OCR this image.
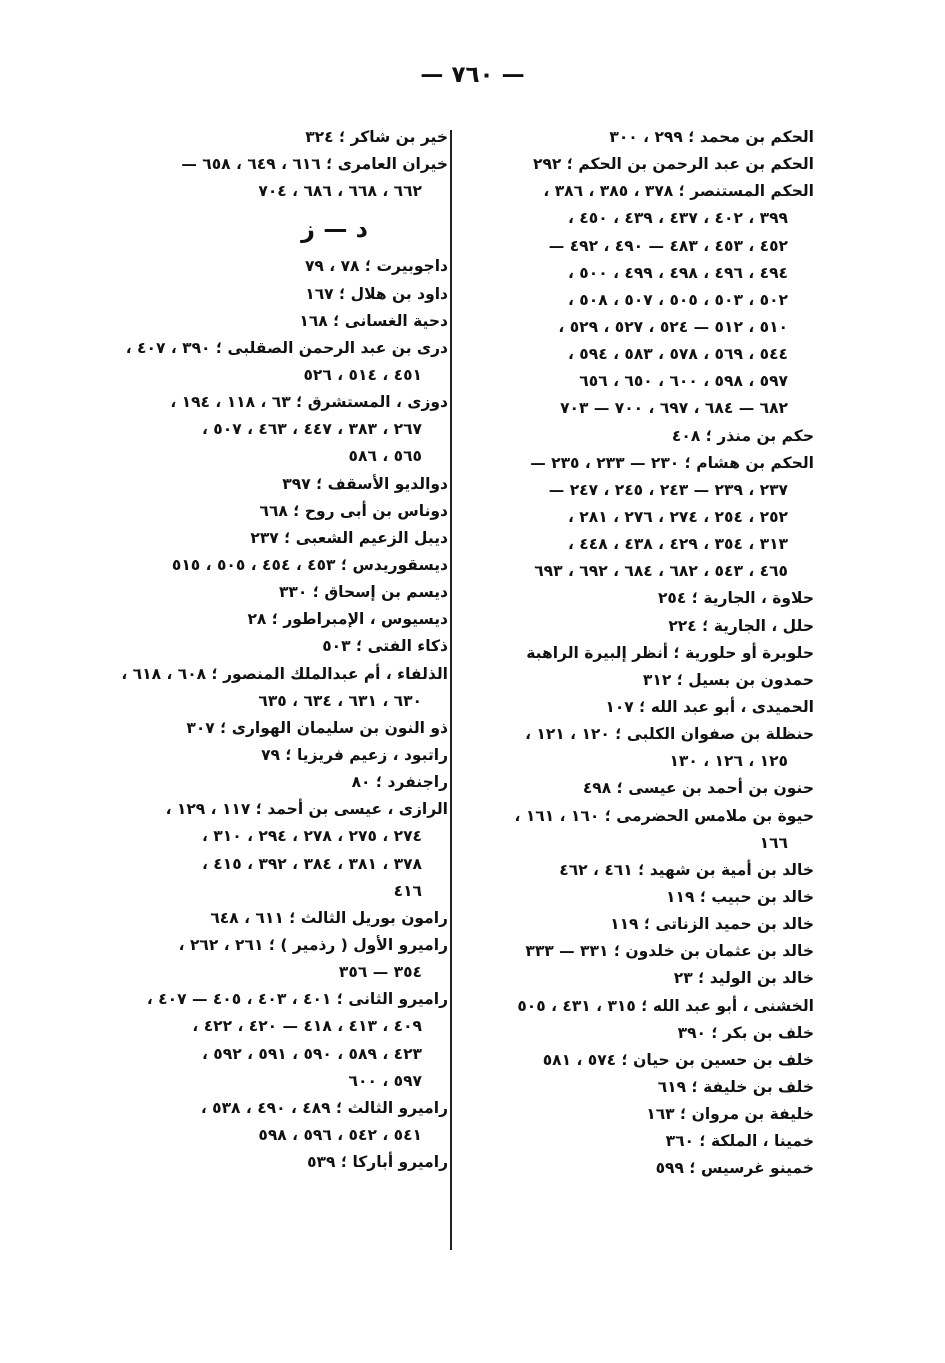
— ٧٦٠ —
الحكم بن محمد ؛ ٢٩٩ ، ٣٠٠
الحكم بن عبد الرحمن بن الحكم ؛ ٢٩٢
الحكم المستنصر ؛ ٣٧٨ ، ٣٨٥ ، ٣٨٦ ،
٣٩٩ ، ٤٠٢ ، ٤٣٧ ، ٤٣٩ ، ٤٥٠ ،
٤٥٢ ، ٤٥٣ ، ٤٨٣ — ٤٩٠ ، ٤٩٢ —
٤٩٤ ، ٤٩٦ ، ٤٩٨ ، ٤٩٩ ، ٥٠٠ ،
٥٠٢ ، ٥٠٣ ، ٥٠٥ ، ٥٠٧ ، ٥٠٨ ،
٥١٠ ، ٥١٢ — ٥٢٤ ، ٥٢٧ ، ٥٢٩ ،
٥٤٤ ، ٥٦٩ ، ٥٧٨ ، ٥٨٣ ، ٥٩٤ ،
٥٩٧ ، ٥٩٨ ، ٦٠٠ ، ٦٥٠ ، ٦٥٦
٦٨٢ — ٦٨٤ ، ٦٩٧ ، ٧٠٠ — ٧٠٣
حكم بن منذر ؛ ٤٠٨
الحكم بن هشام ؛ ٢٣٠ — ٢٣٣ ، ٢٣٥ —
٢٣٧ ، ٢٣٩ — ٢٤٣ ، ٢٤٥ ، ٢٤٧ —
٢٥٢ ، ٢٥٤ ، ٢٧٤ ، ٢٧٦ ، ٢٨١ ،
٣١٣ ، ٣٥٤ ، ٤٢٩ ، ٤٣٨ ، ٤٤٨ ،
٤٦٥ ، ٥٤٣ ، ٦٨٢ ، ٦٨٤ ، ٦٩٢ ، ٦٩٣
حلاوة ، الجارية ؛ ٢٥٤
حلل ، الجارية ؛ ٢٢٤
حلوبرة أو حلورية ؛ أنظر إلبيرة الراهبة
حمدون بن بسيل ؛ ٣١٢
الحميدى ، أبو عبد الله ؛ ١٠٧
حنظلة بن صفوان الكلبى ؛ ١٢٠ ، ١٢١ ،
١٢٥ ، ١٢٦ ، ١٣٠
حنون بن أحمد بن عيسى ؛ ٤٩٨
حيوة بن ملامس الحضرمى ؛ ١٦٠ ، ١٦١ ،
١٦٦
خالد بن أمية بن شهيد ؛ ٤٦١ ، ٤٦٢
خالد بن حبيب ؛ ١١٩
خالد بن حميد الزناتى ؛ ١١٩
خالد بن عثمان بن خلدون ؛ ٣٣١ — ٣٣٣
خالد بن الوليد ؛ ٢٣
الخشنى ، أبو عبد الله ؛ ٣١٥ ، ٤٣١ ، ٥٠٥
خلف بن بكر ؛ ٣٩٠
خلف بن حسين بن حيان ؛ ٥٧٤ ، ٥٨١
خلف بن خليفة ؛ ٦١٩
خليفة بن مروان ؛ ١٦٣
خمينا ، الملكة ؛ ٣٦٠
خمينو غرسيس ؛ ٥٩٩
خير بن شاكر ؛ ٣٢٤
خيران العامرى ؛ ٦١٦ ، ٦٤٩ ، ٦٥٨ —
٦٦٢ ، ٦٦٨ ، ٦٨٦ ، ٧٠٤
د — ز
داجوبيرت ؛ ٧٨ ، ٧٩
داود بن هلال ؛ ١٦٧
دحية الغسانى ؛ ١٦٨
درى بن عبد الرحمن الصقلبى ؛ ٣٩٠ ، ٤٠٧ ،
٤٥١ ، ٥١٤ ، ٥٢٦
دوزى ، المستشرق ؛ ٦٣ ، ١١٨ ، ١٩٤ ،
٢٦٧ ، ٣٨٣ ، ٤٤٧ ، ٤٦٣ ، ٥٠٧ ،
٥٦٥ ، ٥٨٦
دوالديو الأسقف ؛ ٣٩٧
دوناس بن أبى روح ؛ ٦٦٨
ديبل الزعيم الشعبى ؛ ٢٣٧
ديسقوريدس ؛ ٤٥٣ ، ٤٥٤ ، ٥٠٥ ، ٥١٥
ديسم بن إسحاق ؛ ٣٣٠
ديسيوس ، الإمبراطور ؛ ٢٨
ذكاء الفتى ؛ ٥٠٣
الذلفاء ، أم عبدالملك المنصور ؛ ٦٠٨ ، ٦١٨ ،
٦٣٠ ، ٦٣١ ، ٦٣٤ ، ٦٣٥
ذو النون بن سليمان الهوارى ؛ ٣٠٧
راتبود ، زعيم فريزيا ؛ ٧٩
راجنفرد ؛ ٨٠
الرازى ، عيسى بن أحمد ؛ ١١٧ ، ١٢٩ ،
٢٧٤ ، ٢٧٥ ، ٢٧٨ ، ٢٩٤ ، ٣١٠ ،
٣٧٨ ، ٣٨١ ، ٣٨٤ ، ٣٩٢ ، ٤١٥ ،
٤١٦
رامون بوريل الثالث ؛ ٦١١ ، ٦٤٨
راميرو الأول ( رذمير ) ؛ ٢٦١ ، ٢٦٢ ،
٣٥٤ — ٣٥٦
راميرو الثانى ؛ ٤٠١ ، ٤٠٣ ، ٤٠٥ — ٤٠٧ ،
٤٠٩ ، ٤١٣ ، ٤١٨ — ٤٢٠ ، ٤٢٢ ،
٤٢٣ ، ٥٨٩ ، ٥٩٠ ، ٥٩١ ، ٥٩٢ ،
٥٩٧ ، ٦٠٠
راميرو الثالث ؛ ٤٨٩ ، ٤٩٠ ، ٥٣٨ ،
٥٤١ ، ٥٤٢ ، ٥٩٦ ، ٥٩٨
راميرو أباركا ؛ ٥٣٩
